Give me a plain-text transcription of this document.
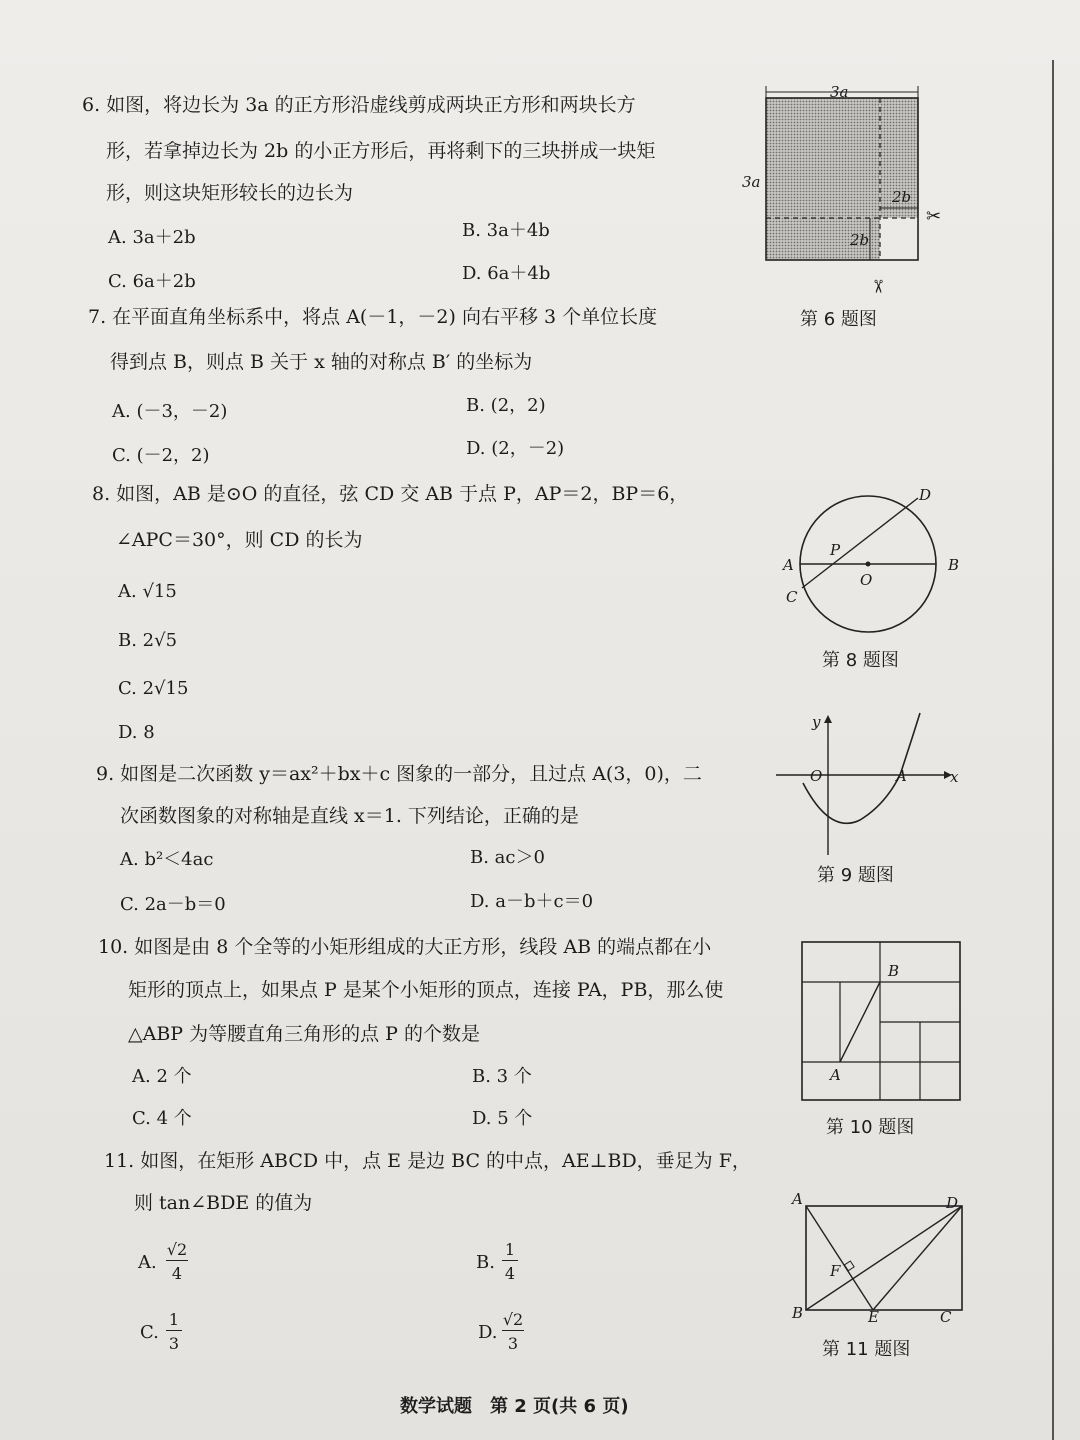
6. 如图，将边长为 3a 的正方形沿虚线剪成两块正方形和两块长方
形，若拿掉边长为 2b 的小正方形后，再将剩下的三块拼成一块矩
形，则这块矩形较长的边长为
A. 3a＋2b	B. 3a＋4b
C. 6a＋2b	D. 6a＋4b
3a
3a
2b
2b
✂
✂
第 6 题图
7. 在平面直角坐标系中，将点 A(－1，－2) 向右平移 3 个单位长度
得到点 B，则点 B 关于 x 轴的对称点 B′ 的坐标为
A. (－3，－2)	B. (2，2)
C. (－2，2)	D. (2，－2)
8. 如图，AB 是⊙O 的直径，弦 CD 交 AB 于点 P，AP＝2，BP＝6，
∠APC＝30°，则 CD 的长为
A. √15
B. 2√5
C. 2√15
D. 8
A	B
C
D
P
O
第 8 题图
9. 如图是二次函数 y＝ax²＋bx＋c 图象的一部分，且过点 A(3，0)，二
次函数图象的对称轴是直线 x＝1. 下列结论，正确的是
A. b²＜4ac	B. ac＞0
C. 2a－b＝0	D. a－b＋c＝0
y
O	A	x
第 9 题图
10. 如图是由 8 个全等的小矩形组成的大正方形，线段 AB 的端点都在小
矩形的顶点上，如果点 P 是某个小矩形的顶点，连接 PA，PB，那么使
△ABP 为等腰直角三角形的点 P 的个数是
A. 2 个	B. 3 个
C. 4 个	D. 5 个
A
B
第 10 题图
11. 如图，在矩形 ABCD 中，点 E 是边 BC 的中点，AE⊥BD，垂足为 F，
则 tan∠BDE 的值为
A.
√2
4
B.
1
4
C.
1
3
D.
√2
3
A	D
F
B	E	C
第 11 题图
数学试题　第 2 页(共 6 页)
